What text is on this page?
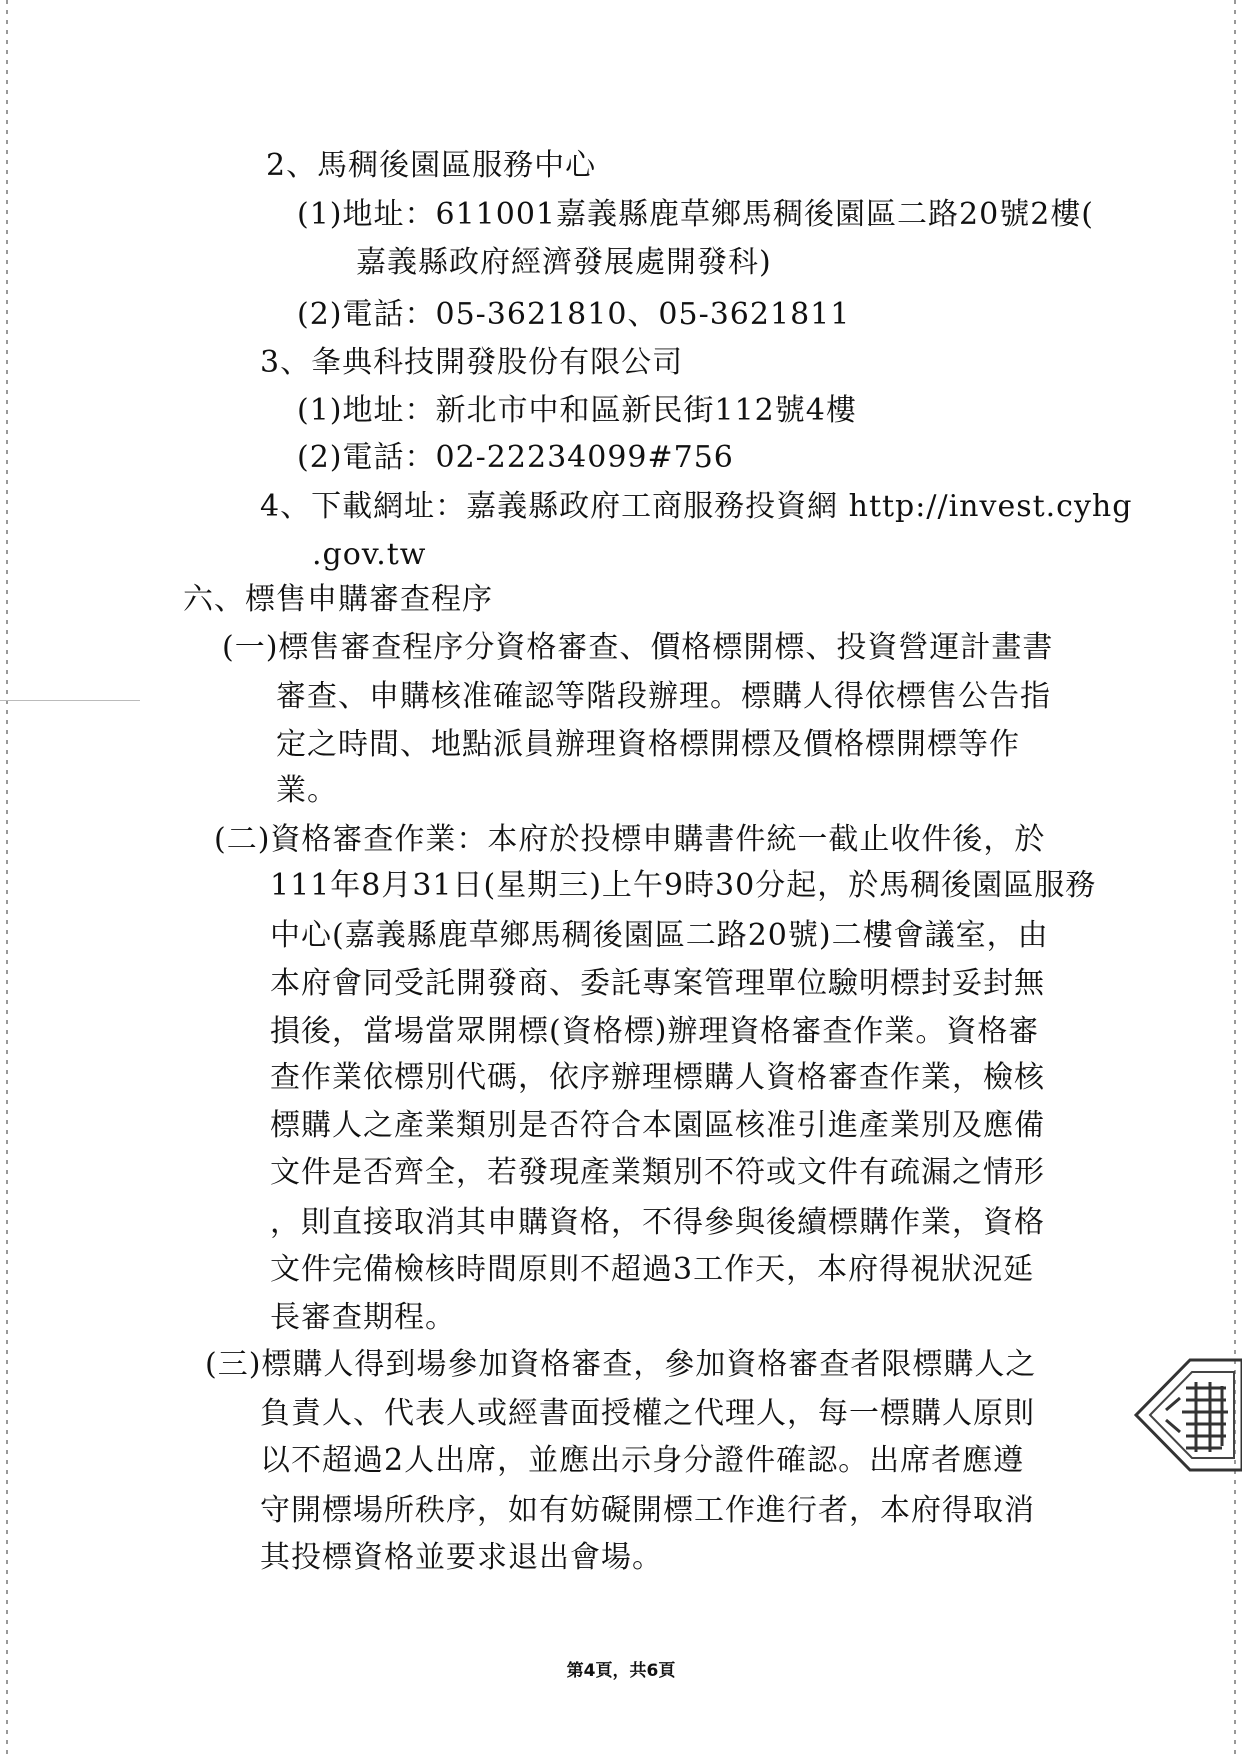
2、馬稠後園區服務中心
(1)地址：611001嘉義縣鹿草鄉馬稠後園區二路20號2樓(
嘉義縣政府經濟發展處開發科)
(2)電話：05-3621810、05-3621811
3、夆典科技開發股份有限公司
(1)地址：新北市中和區新民街112號4樓
(2)電話：02-22234099#756
4、下載網址：嘉義縣政府工商服務投資網 http://invest.cyhg
.gov.tw
六、標售申購審查程序
(一)標售審查程序分資格審查、價格標開標、投資營運計畫書
審查、申購核准確認等階段辦理。標購人得依標售公告指
定之時間、地點派員辦理資格標開標及價格標開標等作
業。
(二)資格審查作業：本府於投標申購書件統一截止收件後，於
111年8月31日(星期三)上午9時30分起，於馬稠後園區服務
中心(嘉義縣鹿草鄉馬稠後園區二路20號)二樓會議室，由
本府會同受託開發商、委託專案管理單位驗明標封妥封無
損後，當場當眾開標(資格標)辦理資格審查作業。資格審
查作業依標別代碼，依序辦理標購人資格審查作業，檢核
標購人之產業類別是否符合本園區核准引進產業別及應備
文件是否齊全，若發現產業類別不符或文件有疏漏之情形
，則直接取消其申購資格，不得參與後續標購作業，資格
文件完備檢核時間原則不超過3工作天，本府得視狀況延
長審查期程。
(三)標購人得到場參加資格審查，參加資格審查者限標購人之
負責人、代表人或經書面授權之代理人，每一標購人原則
以不超過2人出席，並應出示身分證件確認。出席者應遵
守開標場所秩序，如有妨礙開標工作進行者，本府得取消
其投標資格並要求退出會場。
第4頁，共6頁
